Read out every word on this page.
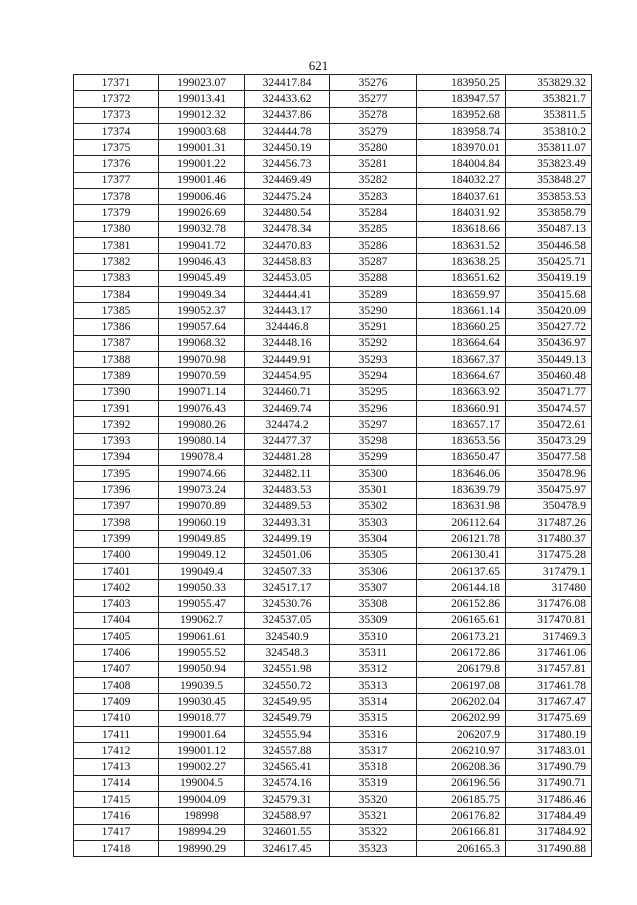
621
17371	199023.07	324417.84	35276	183950.25	353829.32
17372	199013.41	324433.62	35277	183947.57	353821.7
17373	199012.32	324437.86	35278	183952.68	353811.5
17374	199003.68	324444.78	35279	183958.74	353810.2
17375	199001.31	324450.19	35280	183970.01	353811.07
17376	199001.22	324456.73	35281	184004.84	353823.49
17377	199001.46	324469.49	35282	184032.27	353848.27
17378	199006.46	324475.24	35283	184037.61	353853.53
17379	199026.69	324480.54	35284	184031.92	353858.79
17380	199032.78	324478.34	35285	183618.66	350487.13
17381	199041.72	324470.83	35286	183631.52	350446.58
17382	199046.43	324458.83	35287	183638.25	350425.71
17383	199045.49	324453.05	35288	183651.62	350419.19
17384	199049.34	324444.41	35289	183659.97	350415.68
17385	199052.37	324443.17	35290	183661.14	350420.09
17386	199057.64	324446.8	35291	183660.25	350427.72
17387	199068.32	324448.16	35292	183664.64	350436.97
17388	199070.98	324449.91	35293	183667.37	350449.13
17389	199070.59	324454.95	35294	183664.67	350460.48
17390	199071.14	324460.71	35295	183663.92	350471.77
17391	199076.43	324469.74	35296	183660.91	350474.57
17392	199080.26	324474.2	35297	183657.17	350472.61
17393	199080.14	324477.37	35298	183653.56	350473.29
17394	199078.4	324481.28	35299	183650.47	350477.58
17395	199074.66	324482.11	35300	183646.06	350478.96
17396	199073.24	324483.53	35301	183639.79	350475.97
17397	199070.89	324489.53	35302	183631.98	350478.9
17398	199060.19	324493.31	35303	206112.64	317487.26
17399	199049.85	324499.19	35304	206121.78	317480.37
17400	199049.12	324501.06	35305	206130.41	317475.28
17401	199049.4	324507.33	35306	206137.65	317479.1
17402	199050.33	324517.17	35307	206144.18	317480
17403	199055.47	324530.76	35308	206152.86	317476.08
17404	199062.7	324537.05	35309	206165.61	317470.81
17405	199061.61	324540.9	35310	206173.21	317469.3
17406	199055.52	324548.3	35311	206172.86	317461.06
17407	199050.94	324551.98	35312	206179.8	317457.81
17408	199039.5	324550.72	35313	206197.08	317461.78
17409	199030.45	324549.95	35314	206202.04	317467.47
17410	199018.77	324549.79	35315	206202.99	317475.69
17411	199001.64	324555.94	35316	206207.9	317480.19
17412	199001.12	324557.88	35317	206210.97	317483.01
17413	199002.27	324565.41	35318	206208.36	317490.79
17414	199004.5	324574.16	35319	206196.56	317490.71
17415	199004.09	324579.31	35320	206185.75	317486.46
17416	198998	324588.97	35321	206176.82	317484.49
17417	198994.29	324601.55	35322	206166.81	317484.92
17418	198990.29	324617.45	35323	206165.3	317490.88
